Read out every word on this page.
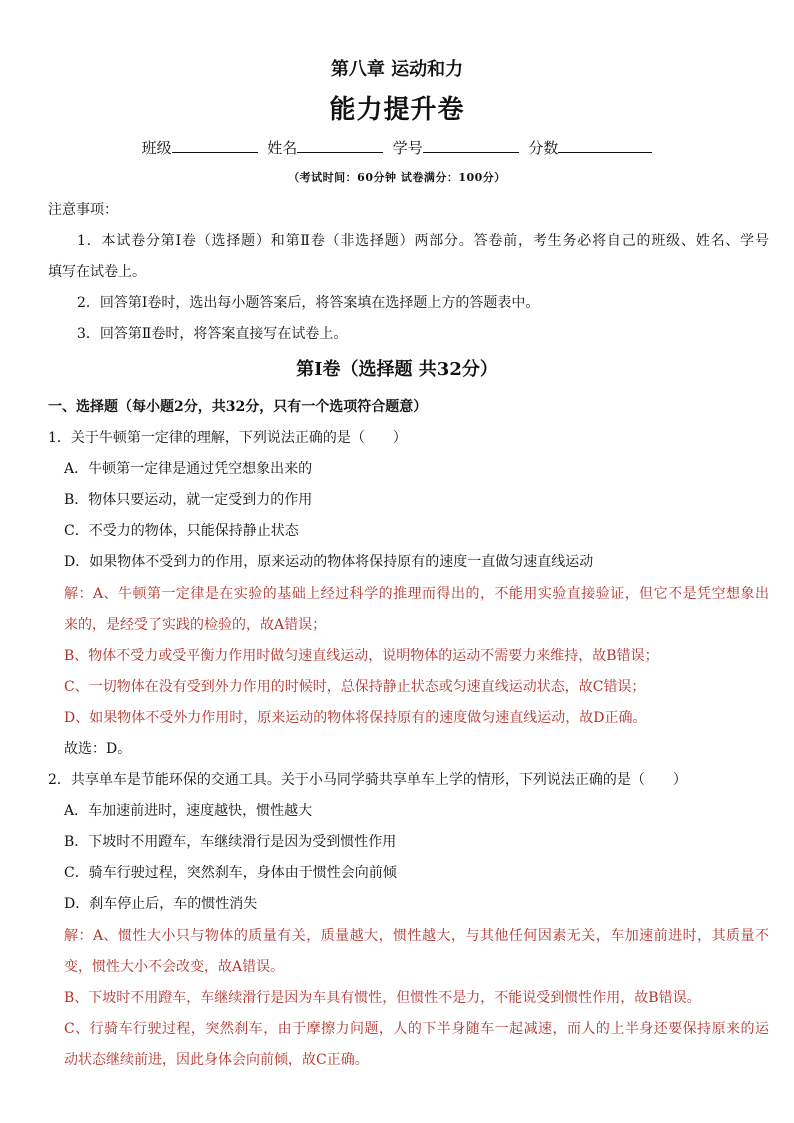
第八章 运动和力
能力提升卷
班级	姓名	学号	分数
（考试时间：60分钟 试卷满分：100分）
注意事项：
1．本试卷分第Ⅰ卷（选择题）和第Ⅱ卷（非选择题）两部分。答卷前，考生务必将自己的班级、姓名、学号
填写在试卷上。
2．回答第Ⅰ卷时，选出每小题答案后，将答案填在选择题上方的答题表中。
3．回答第Ⅱ卷时，将答案直接写在试卷上。
第Ⅰ卷（选择题 共32分）
一、选择题（每小题2分，共32分，只有一个选项符合题意）
1．关于牛顿第一定律的理解，下列说法正确的是（　　）
A．牛顿第一定律是通过凭空想象出来的
B．物体只要运动，就一定受到力的作用
C．不受力的物体，只能保持静止状态
D．如果物体不受到力的作用，原来运动的物体将保持原有的速度一直做匀速直线运动
解：A、牛顿第一定律是在实验的基础上经过科学的推理而得出的，不能用实验直接验证，但它不是凭空想象出
来的，是经受了实践的检验的，故A错误；
B、物体不受力或受平衡力作用时做匀速直线运动，说明物体的运动不需要力来维持，故B错误；
C、一切物体在没有受到外力作用的时候时，总保持静止状态或匀速直线运动状态，故C错误；
D、如果物体不受外力作用时，原来运动的物体将保持原有的速度做匀速直线运动，故D正确。
故选：D。
2．共享单车是节能环保的交通工具。关于小马同学骑共享单车上学的情形，下列说法正确的是（　　）
A．车加速前进时，速度越快，惯性越大
B．下坡时不用蹬车，车继续滑行是因为受到惯性作用
C．骑车行驶过程，突然刹车，身体由于惯性会向前倾
D．刹车停止后，车的惯性消失
解：A、惯性大小只与物体的质量有关，质量越大，惯性越大，与其他任何因素无关，车加速前进时，其质量不
变，惯性大小不会改变，故A错误。
B、下坡时不用蹬车，车继续滑行是因为车具有惯性，但惯性不是力，不能说受到惯性作用，故B错误。
C、行骑车行驶过程，突然刹车，由于摩擦力问题，人的下半身随车一起减速，而人的上半身还要保持原来的运
动状态继续前进，因此身体会向前倾，故C正确。
